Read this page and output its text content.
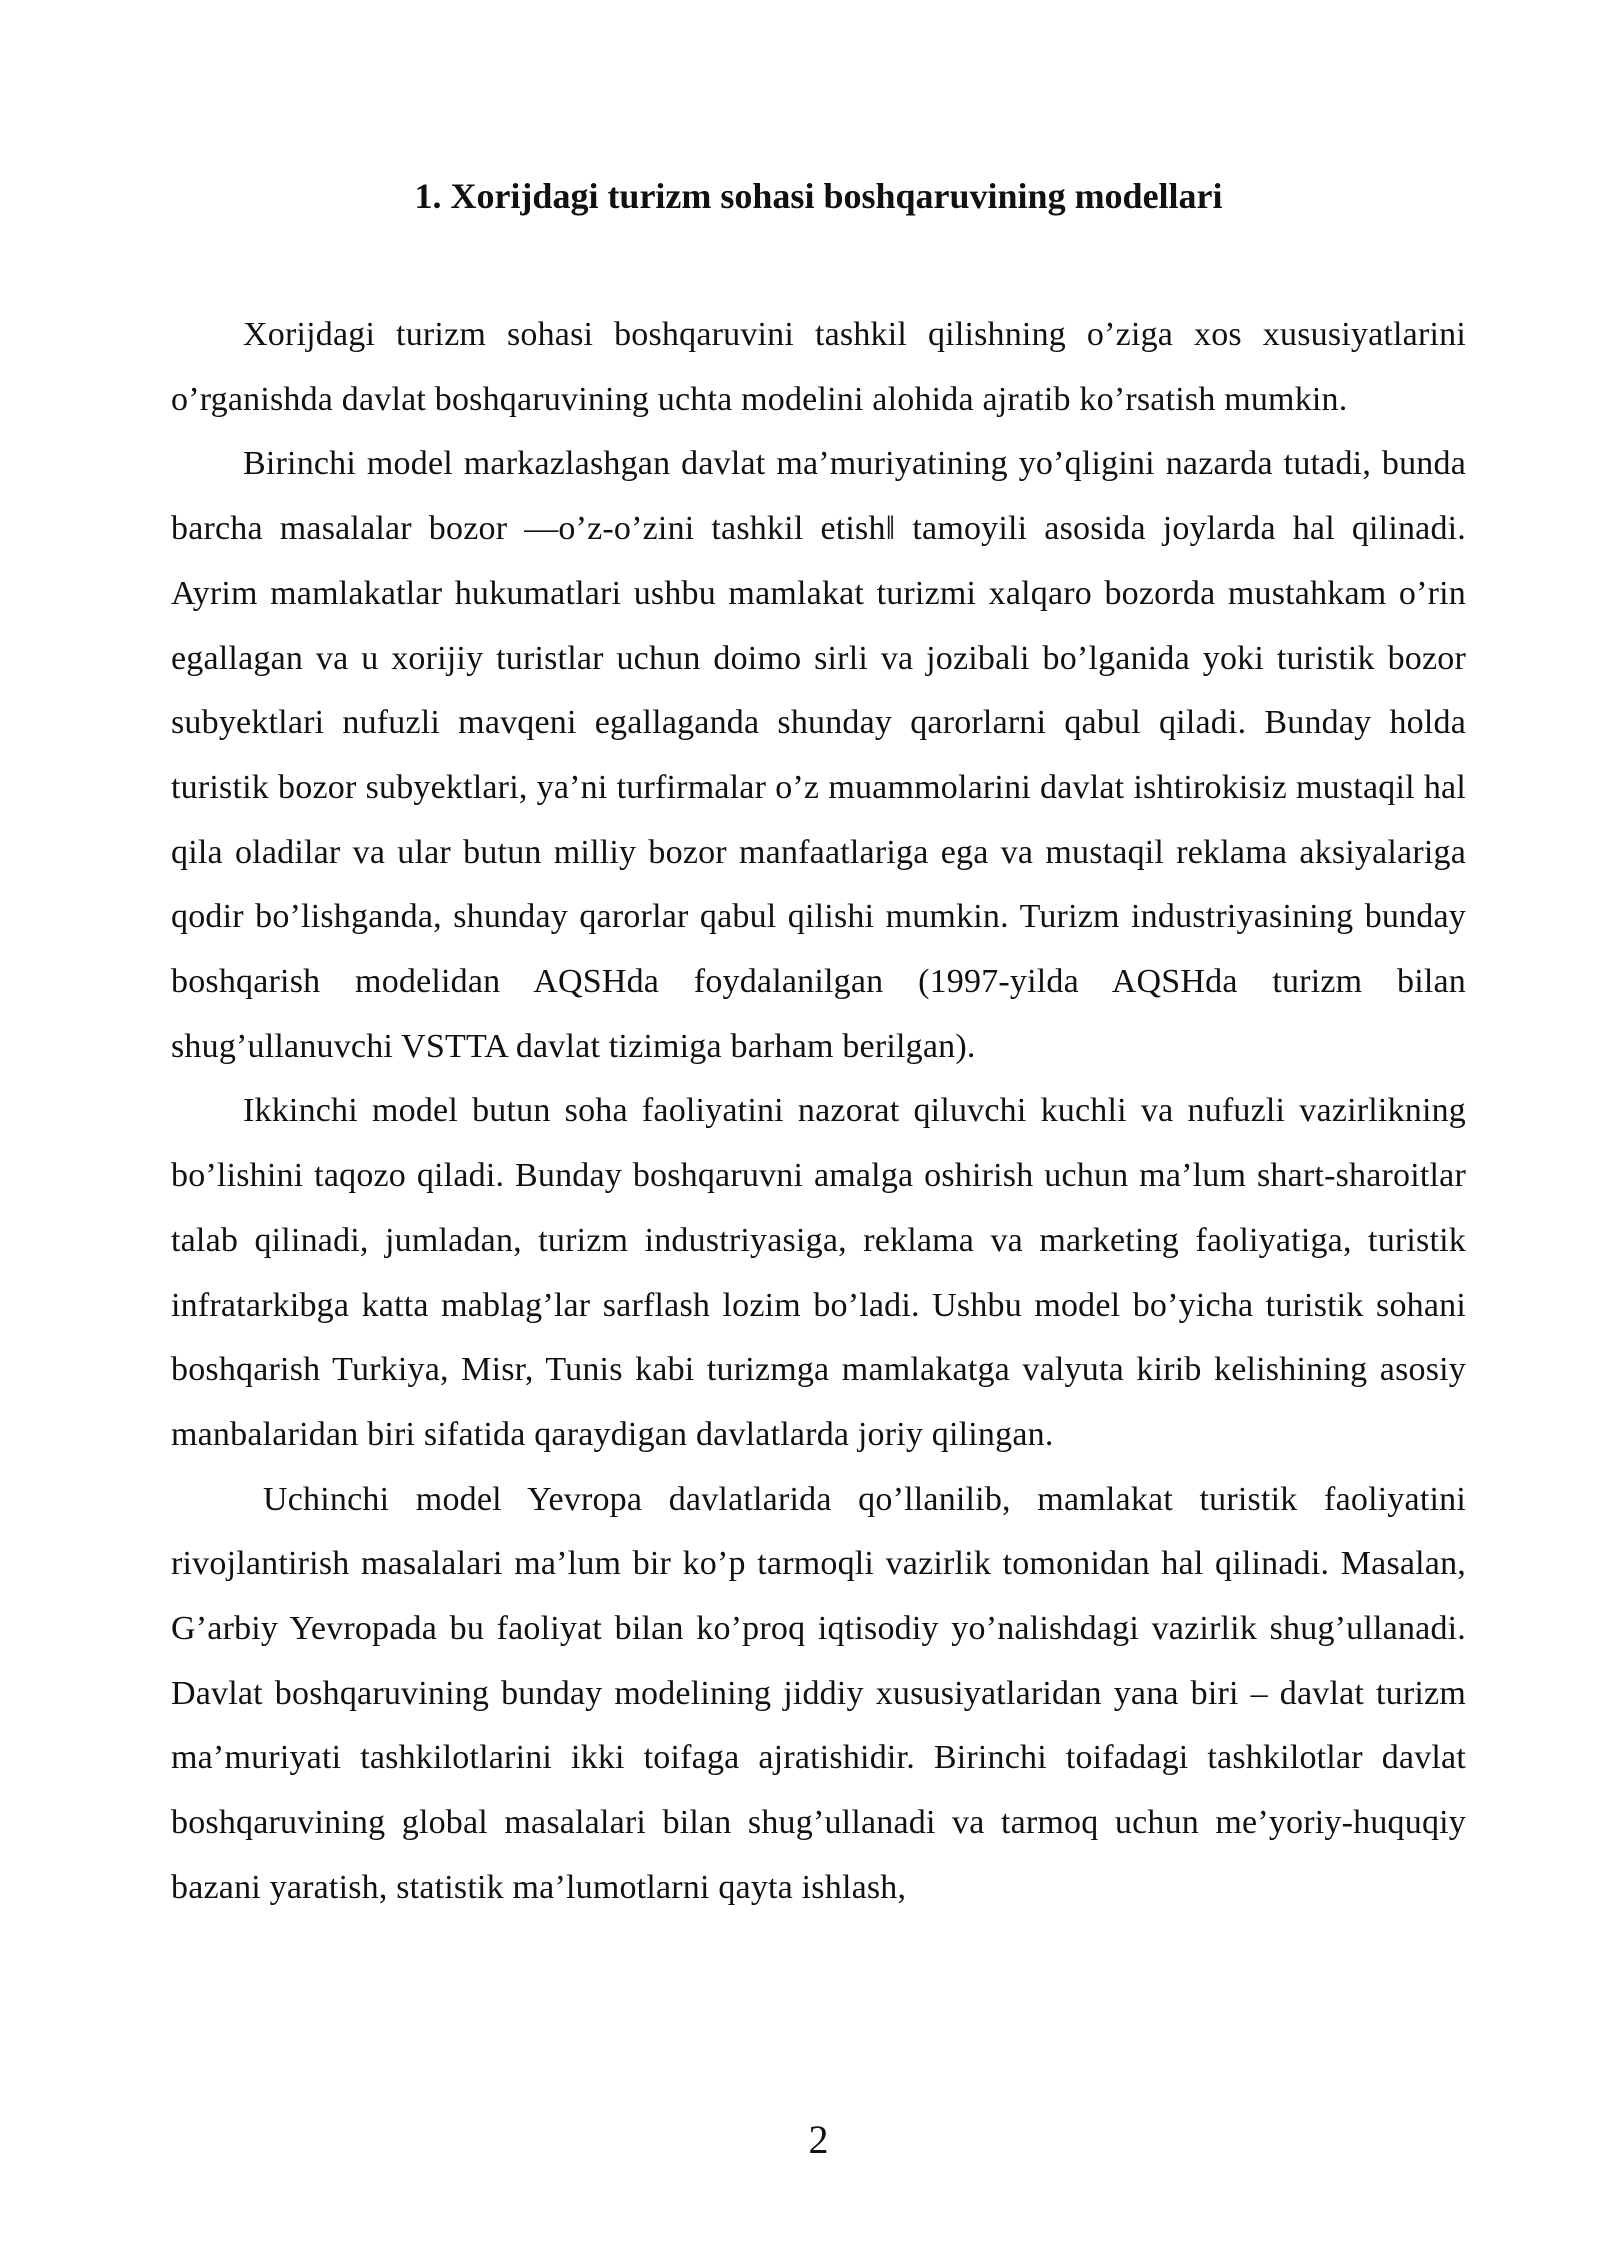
1. Xorijdagi turizm sohasi boshqaruvining modellari

Xorijdagi turizm sohasi boshqaruvini tashkil qilishning o’ziga xos xususiyatlarini o’rganishda davlat boshqaruvining uchta modelini alohida ajratib ko’rsatish mumkin.

Birinchi model markazlashgan davlat ma’muriyatining yo’qligini nazarda tutadi, bunda barcha masalalar bozor ―o’z-o’zini tashkil etish‖ tamoyili asosida joylarda hal qilinadi. Ayrim mamlakatlar hukumatlari ushbu mamlakat turizmi xalqaro bozorda mustahkam o’rin egallagan va u xorijiy turistlar uchun doimo sirli va jozibali bo’lganida yoki turistik bozor subyektlari nufuzli mavqeni egallaganda shunday qarorlarni qabul qiladi. Bunday holda turistik bozor subyektlari, ya’ni turfirmalar o’z muammolarini davlat ishtirokisiz mustaqil hal qila oladilar va ular butun milliy bozor manfaatlariga ega va mustaqil reklama aksiyalariga qodir bo’lishganda, shunday qarorlar qabul qilishi mumkin. Turizm industriyasining bunday boshqarish modelidan AQSHda foydalanilgan (1997-yilda AQSHda turizm bilan shug’ullanuvchi VSTTA davlat tizimiga barham berilgan).

Ikkinchi model butun soha faoliyatini nazorat qiluvchi kuchli va nufuzli vazirlikning bo’lishini taqozo qiladi. Bunday boshqaruvni amalga oshirish uchun ma’lum shart-sharoitlar talab qilinadi, jumladan, turizm industriyasiga, reklama va marketing faoliyatiga, turistik infratarkibga katta mablag’lar sarflash lozim bo’ladi. Ushbu model bo’yicha turistik sohani boshqarish Turkiya, Misr, Tunis kabi turizmga mamlakatga valyuta kirib kelishining asosiy manbalaridan biri sifatida qaraydigan davlatlarda joriy qilingan.

Uchinchi model Yevropa davlatlarida qo’llanilib, mamlakat turistik faoliyatini rivojlantirish masalalari ma’lum bir ko’p tarmoqli vazirlik tomonidan hal qilinadi. Masalan, G’arbiy Yevropada bu faoliyat bilan ko’proq iqtisodiy yo’nalishdagi vazirlik shug’ullanadi. Davlat boshqaruvining bunday modelining jiddiy xususiyatlaridan yana biri – davlat turizm ma’muriyati tashkilotlarini ikki toifaga ajratishidir. Birinchi toifadagi tashkilotlar davlat boshqaruvining global masalalari bilan shug’ullanadi va tarmoq uchun me’yoriy-huquqiy bazani yaratish, statistik ma’lumotlarni qayta ishlash,

2
